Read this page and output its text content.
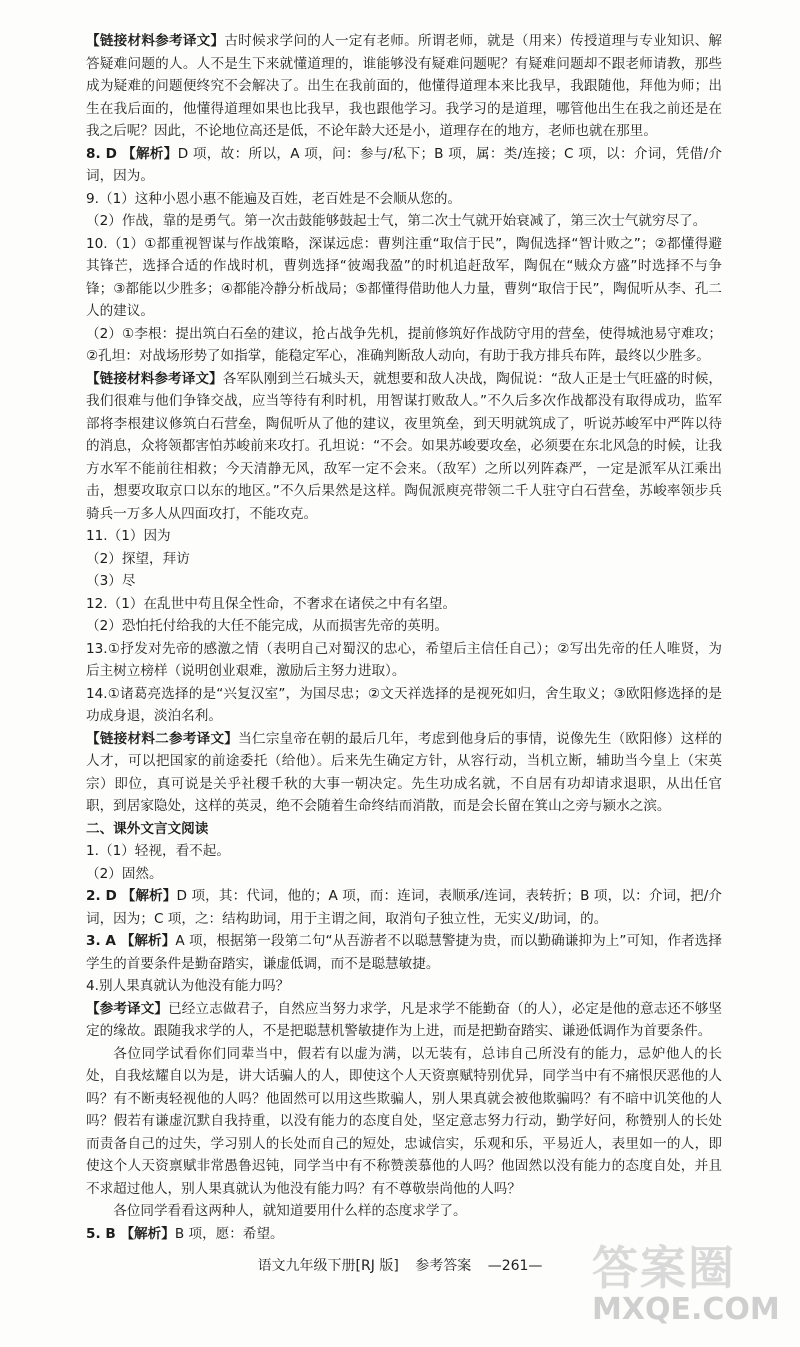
【链接材料参考译文】古时候求学问的人一定有老师。所谓老师，就是（用来）传授道理与专业知识、解答疑难问题的人。人不是生下来就懂道理的，谁能够没有疑难问题呢？有疑难问题却不跟老师请教，那些成为疑难的问题便终究不会解决了。出生在我前面的，他懂得道理本来比我早，我跟随他，拜他为师；出生在我后面的，他懂得道理如果也比我早，我也跟他学习。我学习的是道理，哪管他出生在我之前还是在我之后呢？因此，不论地位高还是低，不论年龄大还是小，道理存在的地方，老师也就在那里。

8. D 【解析】D 项，故：所以，A 项，问：参与/私下；B 项，属：类/连接；C 项，以：介词，凭借/介词，因为。

9.（1）这种小恩小惠不能遍及百姓，老百姓是不会顺从您的。

（2）作战，靠的是勇气。第一次击鼓能够鼓起士气，第二次士气就开始衰减了，第三次士气就穷尽了。

10.（1）①都重视智谋与作战策略，深谋远虑：曹刿注重“取信于民”，陶侃选择“智计败之”；②都懂得避其锋芒，选择合适的作战时机，曹刿选择“彼竭我盈”的时机追赶敌军，陶侃在“贼众方盛”时选择不与争锋；③都能以少胜多；④都能冷静分析战局；⑤都懂得借助他人力量，曹刿“取信于民”，陶侃听从李、孔二人的建议。

（2）①李根：提出筑白石垒的建议，抢占战争先机，提前修筑好作战防守用的营垒，使得城池易守难攻；②孔坦：对战场形势了如指掌，能稳定军心，准确判断敌人动向，有助于我方排兵布阵，最终以少胜多。

【链接材料参考译文】各军队刚到兰石城头天，就想要和敌人决战，陶侃说：“敌人正是士气旺盛的时候，我们很难与他们争锋交战，应当等待有利时机，用智谋打败敌人。”不久后多次作战都没有取得成功，监军部将李根建议修筑白石营垒，陶侃听从了他的建议，夜里筑垒，到天明就筑成了，听说苏峻军中严阵以待的消息，众将领都害怕苏峻前来攻打。孔坦说：“不会。如果苏峻要攻垒，必须要在东北风急的时候，让我方水军不能前往相救；今天清静无风，敌军一定不会来。（敌军）之所以列阵森严，一定是派军从江乘出击，想要攻取京口以东的地区。”不久后果然是这样。陶侃派庾亮带领二千人驻守白石营垒，苏峻率领步兵骑兵一万多人从四面攻打，不能攻克。

11.（1）因为

（2）探望，拜访

（3）尽

12.（1）在乱世中苟且保全性命，不奢求在诸侯之中有名望。

（2）恐怕托付给我的大任不能完成，从而损害先帝的英明。

13.①抒发对先帝的感激之情（表明自己对蜀汉的忠心，希望后主信任自己）；②写出先帝的任人唯贤，为后主树立榜样（说明创业艰难，激励后主努力进取）。

14.①诸葛亮选择的是“兴复汉室”，为国尽忠；②文天祥选择的是视死如归，舍生取义；③欧阳修选择的是功成身退，淡泊名利。

【链接材料二参考译文】当仁宗皇帝在朝的最后几年，考虑到他身后的事情，说像先生（欧阳修）这样的人才，可以把国家的前途委托（给他）。后来先生确定方针，从容行动，当机立断，辅助当今皇上（宋英宗）即位，真可说是关乎社稷千秋的大事一朝决定。先生功成名就，不自居有功却请求退职，从出任官职，到居家隐处，这样的英灵，绝不会随着生命终结而消散，而是会长留在箕山之旁与颍水之滨。

二、课外文言文阅读

1.（1）轻视，看不起。

（2）固然。

2. D 【解析】D 项，其：代词，他的；A 项，而：连词，表顺承/连词，表转折；B 项，以：介词，把/介词，因为；C 项，之：结构助词，用于主谓之间，取消句子独立性，无实义/助词，的。

3. A 【解析】A 项，根据第一段第二句“从吾游者不以聪慧警捷为贵，而以勤确谦抑为上”可知，作者选择学生的首要条件是勤奋踏实，谦虚低调，而不是聪慧敏捷。

4.别人果真就认为他没有能力吗？

【参考译文】已经立志做君子，自然应当努力求学，凡是求学不能勤奋（的人），必定是他的意志还不够坚定的缘故。跟随我求学的人，不是把聪慧机警敏捷作为上进，而是把勤奋踏实、谦逊低调作为首要条件。

各位同学试看你们同辈当中，假若有以虚为满，以无装有，总讳自己所没有的能力，忌妒他人的长处，自我炫耀自以为是，讲大话骗人的人，即使这个人天资禀赋特别优异，同学当中有不痛恨厌恶他的人吗？有不断夷轻视他的人吗？他固然可以用这些欺骗人，别人果真就会被他欺骗吗？有不暗中讥笑他的人吗？假若有谦虚沉默自我持重，以没有能力的态度自处，坚定意志努力行动，勤学好问，称赞别人的长处而责备自己的过失，学习别人的长处而自己的短处，忠诚信实，乐观和乐，平易近人，表里如一的人，即使这个人天资禀赋非常愚鲁迟钝，同学当中有不称赞羡慕他的人吗？他固然以没有能力的态度自处，并且不求超过他人，别人果真就认为他没有能力吗？有不尊敬崇尚他的人吗？

各位同学看看这两种人，就知道要用什么样的态度求学了。

5. B 【解析】B 项，愿：希望。

语文九年级下册[RJ 版] 参考答案 —261—	答案圈
MXQE.COM
